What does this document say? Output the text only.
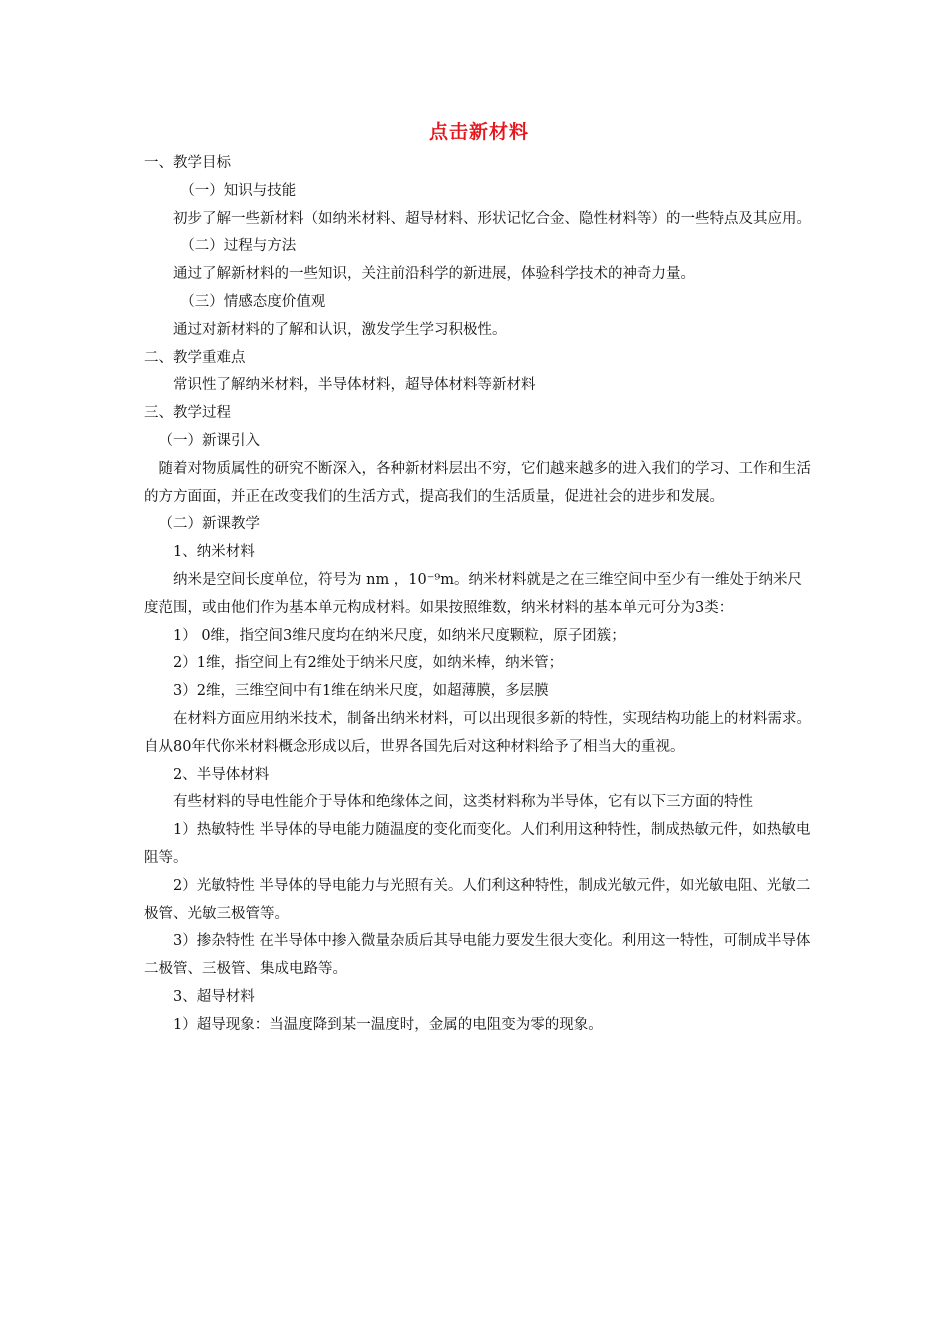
点击新材料

一、教学目标

（一）知识与技能

初步了解一些新材料（如纳米材料、超导材料、形状记忆合金、隐性材料等）的一些特点及其应用。

（二）过程与方法

通过了解新材料的一些知识，关注前沿科学的新进展，体验科学技术的神奇力量。

（三）情感态度价值观

通过对新材料的了解和认识，激发学生学习积极性。

二、教学重难点

常识性了解纳米材料，半导体材料，超导体材料等新材料

三、教学过程

（一）新课引入

随着对物质属性的研究不断深入，各种新材料层出不穷，它们越来越多的进入我们的学习、工作和生活的方方面面，并正在改变我们的生活方式，提高我们的生活质量，促进社会的进步和发展。

（二）新课教学

1、纳米材料

纳米是空间长度单位，符号为 nm ，10⁻⁹m。纳米材料就是之在三维空间中至少有一维处于纳米尺度范围，或由他们作为基本单元构成材料。如果按照维数，纳米材料的基本单元可分为3类：

1） 0维，指空间3维尺度均在纳米尺度，如纳米尺度颗粒，原子团簇；

2）1维，指空间上有2维处于纳米尺度，如纳米棒，纳米管；

3）2维，三维空间中有1维在纳米尺度，如超薄膜，多层膜

在材料方面应用纳米技术，制备出纳米材料，可以出现很多新的特性，实现结构功能上的材料需求。自从80年代你米材料概念形成以后，世界各国先后对这种材料给予了相当大的重视。

2、半导体材料

有些材料的导电性能介于导体和绝缘体之间，这类材料称为半导体，它有以下三方面的特性

1）热敏特性 半导体的导电能力随温度的变化而变化。人们利用这种特性，制成热敏元件，如热敏电阻等。

2）光敏特性 半导体的导电能力与光照有关。人们利这种特性，制成光敏元件，如光敏电阻、光敏二极管、光敏三极管等。

3）掺杂特性 在半导体中掺入微量杂质后其导电能力要发生很大变化。利用这一特性，可制成半导体二极管、三极管、集成电路等。

3、超导材料

1）超导现象：当温度降到某一温度时，金属的电阻变为零的现象。
